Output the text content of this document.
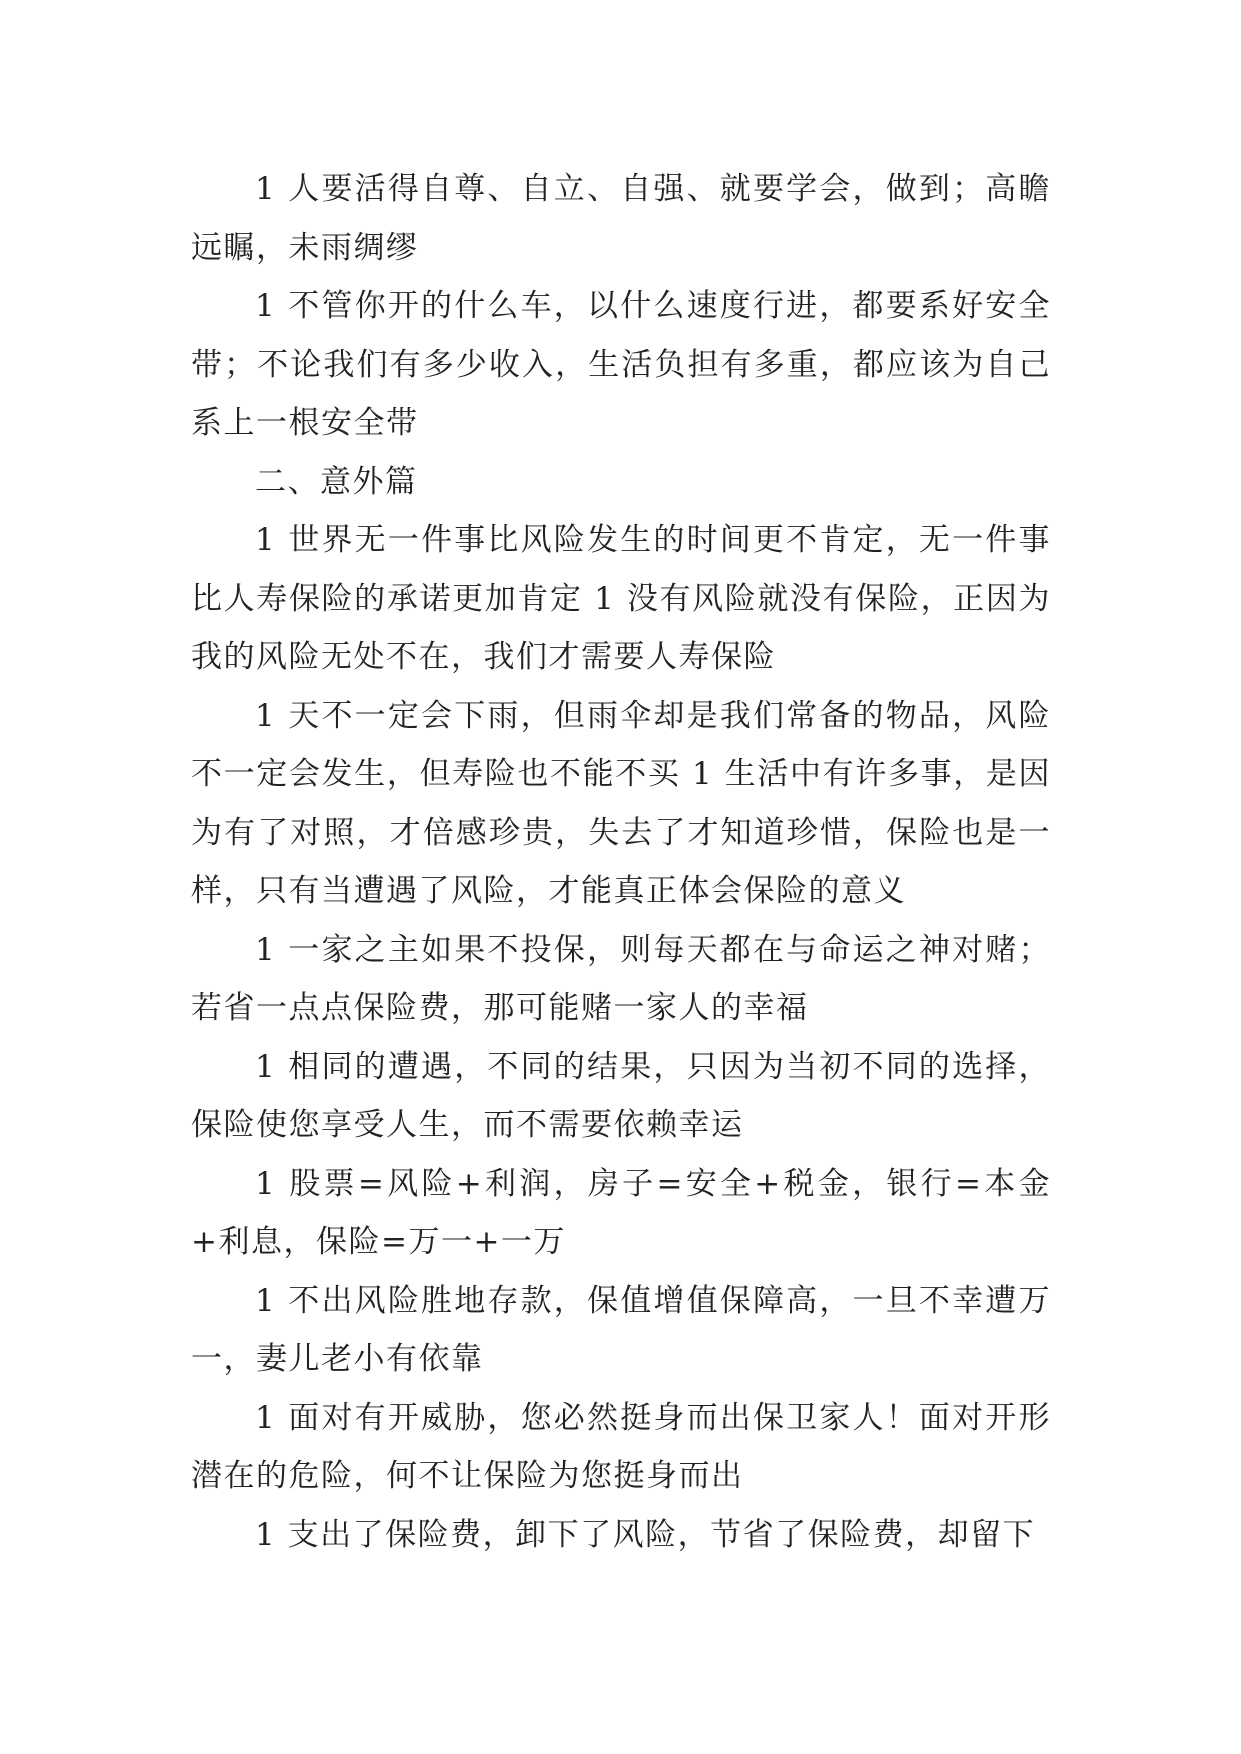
1 人要活得自尊、自立、自强、就要学会，做到；高瞻远瞩，未雨绸缪

1 不管你开的什么车，以什么速度行进，都要系好安全带；不论我们有多少收入，生活负担有多重，都应该为自己系上一根安全带

二、意外篇

1 世界无一件事比风险发生的时间更不肯定，无一件事比人寿保险的承诺更加肯定 1 没有风险就没有保险，正因为我的风险无处不在，我们才需要人寿保险

1 天不一定会下雨，但雨伞却是我们常备的物品，风险不一定会发生，但寿险也不能不买 1 生活中有许多事，是因为有了对照，才倍感珍贵，失去了才知道珍惜，保险也是一样，只有当遭遇了风险，才能真正体会保险的意义

1 一家之主如果不投保，则每天都在与命运之神对赌；若省一点点保险费，那可能赌一家人的幸福

1 相同的遭遇，不同的结果，只因为当初不同的选择，保险使您享受人生，而不需要依赖幸运

1 股票=风险+利润，房子=安全+税金，银行=本金+利息，保险=万一+一万

1 不出风险胜地存款，保值增值保障高，一旦不幸遭万一，妻儿老小有依靠

1 面对有开威胁，您必然挺身而出保卫家人！面对开形潜在的危险，何不让保险为您挺身而出

1 支出了保险费，卸下了风险，节省了保险费，却留下
